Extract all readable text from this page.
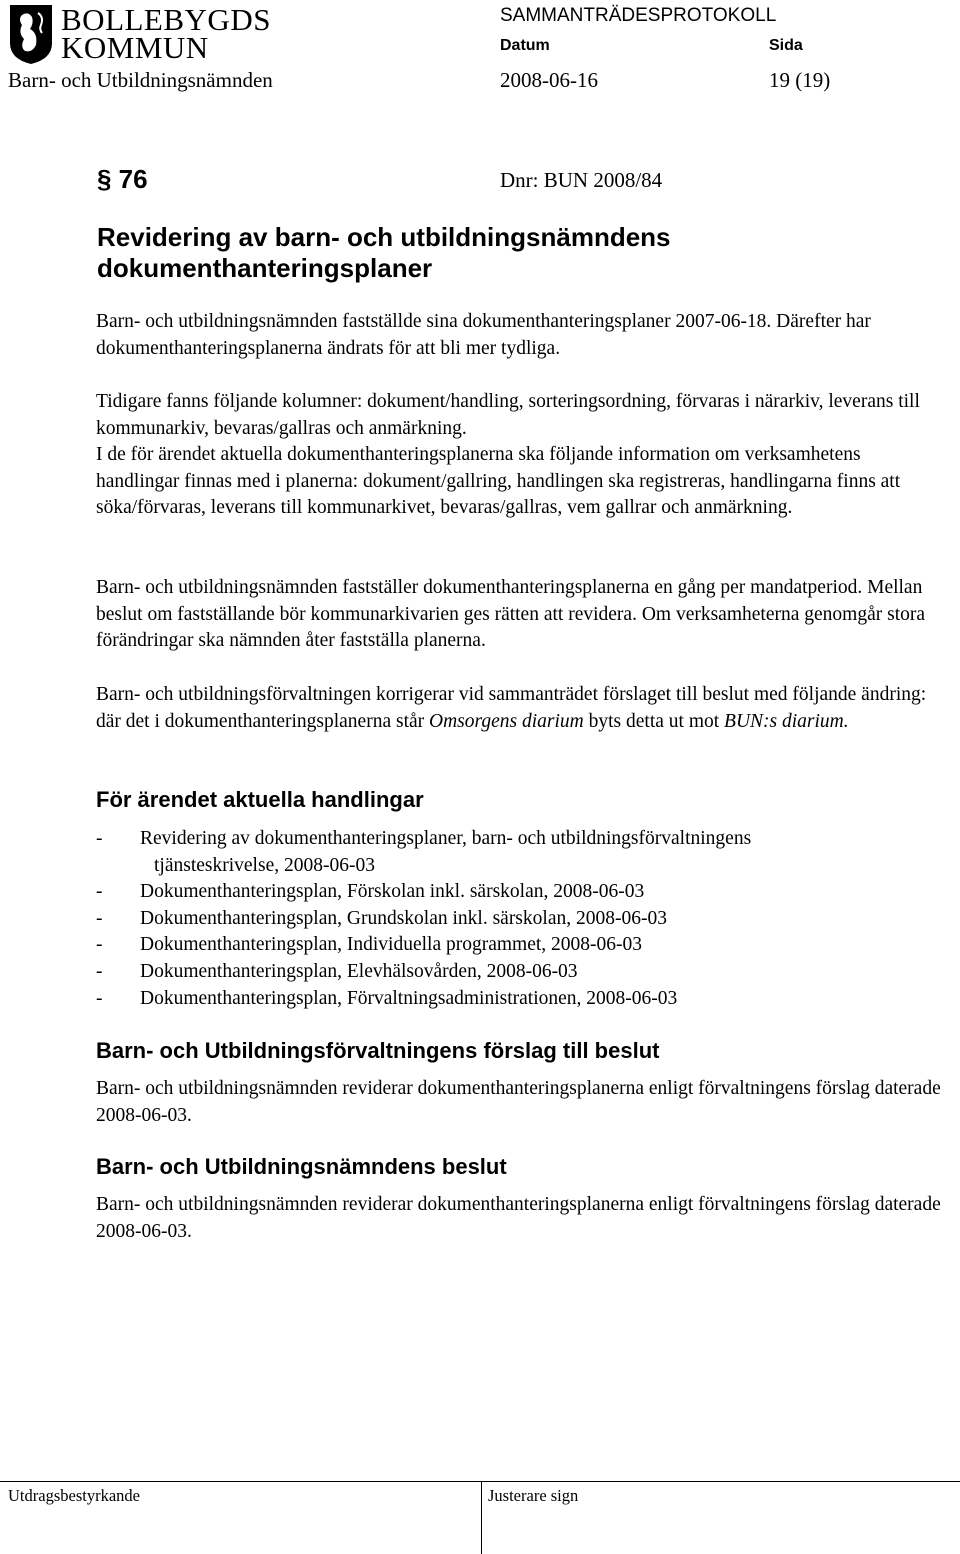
BOLLEBYGDS
KOMMUN
SAMMANTRÄDESPROTOKOLL
Datum	Sida
Barn- och Utbildningsnämnden	2008-06-16	19 (19)
§ 76	Dnr: BUN 2008/84
Revidering av barn- och utbildningsnämndens dokumenthanteringsplaner
Barn- och utbildningsnämnden fastställde sina dokumenthanteringsplaner 2007-06-18. Därefter har dokumenthanteringsplanerna ändrats för att bli mer tydliga.
Tidigare fanns följande kolumner: dokument/handling, sorteringsordning, förvaras i närarkiv, leverans till kommunarkiv, bevaras/gallras och anmärkning.
I de för ärendet aktuella dokumenthanteringsplanerna ska följande information om verksamhetens handlingar finnas med i planerna: dokument/gallring, handlingen ska registreras, handlingarna finns att söka/förvaras, leverans till kommunarkivet, bevaras/gallras, vem gallrar och anmärkning.
Barn- och utbildningsnämnden fastställer dokumenthanteringsplanerna en gång per mandatperiod. Mellan beslut om fastställande bör kommunarkivarien ges rätten att revidera. Om verksamheterna genomgår stora förändringar ska nämnden åter fastställa planerna.
Barn- och utbildningsförvaltningen korrigerar vid sammanträdet förslaget till beslut med följande ändring: där det i dokumenthanteringsplanerna står Omsorgens diarium byts detta ut mot BUN:s diarium.
För ärendet aktuella handlingar
- Revidering av dokumenthanteringsplaner, barn- och utbildningsförvaltningens
tjänsteskrivelse, 2008-06-03
- Dokumenthanteringsplan, Förskolan inkl. särskolan, 2008-06-03
- Dokumenthanteringsplan, Grundskolan inkl. särskolan, 2008-06-03
- Dokumenthanteringsplan, Individuella programmet, 2008-06-03
- Dokumenthanteringsplan, Elevhälsovården, 2008-06-03
- Dokumenthanteringsplan, Förvaltningsadministrationen, 2008-06-03
Barn- och Utbildningsförvaltningens förslag till beslut
Barn- och utbildningsnämnden reviderar dokumenthanteringsplanerna enligt förvaltningens förslag daterade 2008-06-03.
Barn- och Utbildningsnämndens beslut
Barn- och utbildningsnämnden reviderar dokumenthanteringsplanerna enligt förvaltningens förslag daterade 2008-06-03.
Utdragsbestyrkande	Justerare sign
